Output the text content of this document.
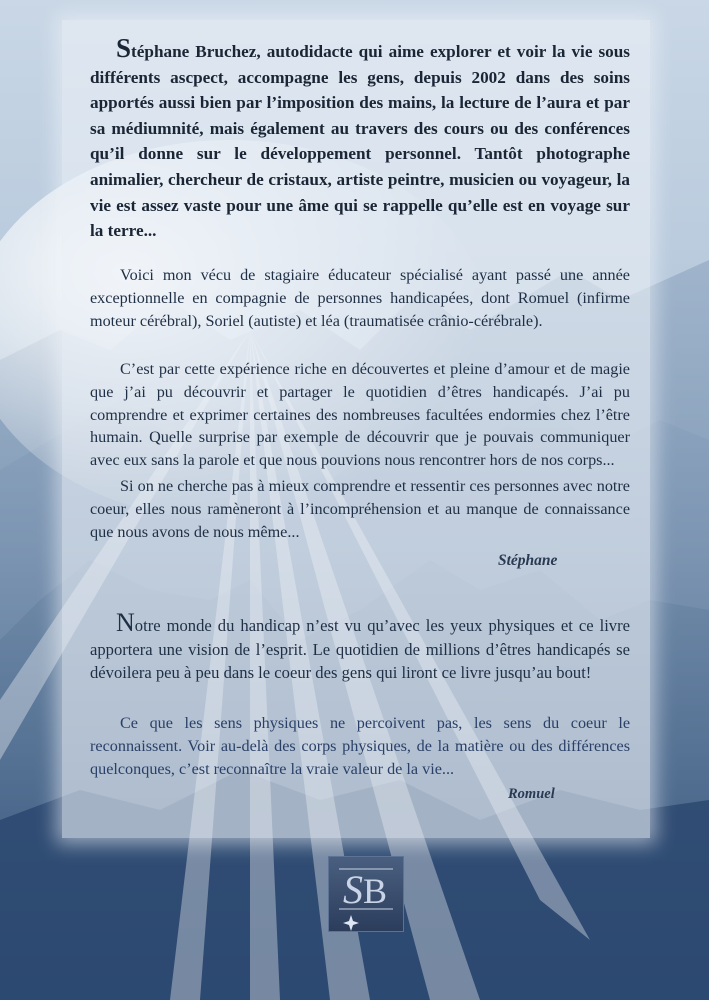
Stéphane Bruchez, autodidacte qui aime explorer et voir la vie sous différents ascpect, accompagne les gens, depuis 2002 dans des soins apportés aussi bien par l’imposition des mains, la lecture de l’aura et par sa médiumnité, mais également au travers des cours ou des conférences qu’il donne sur le développement personnel. Tantôt photographe animalier, chercheur de cristaux, artiste peintre, musicien ou voyageur, la vie est assez vaste pour une âme qui se rappelle qu’elle est en voyage sur la terre...

Voici mon vécu de stagiaire éducateur spécialisé ayant passé une année exceptionnelle en compagnie de personnes handicapées, dont Romuel (infirme moteur cérébral), Soriel (autiste) et léa (traumatisée crânio-cérébrale).

C’est par cette expérience riche en découvertes et pleine d’amour et de magie que j’ai pu découvrir et partager le quotidien d’êtres handicapés. J’ai pu comprendre et exprimer certaines des nombreuses facultées endormies chez l’être humain. Quelle surprise par exemple de découvrir que je pouvais communiquer avec eux sans la parole et que nous pouvions nous rencontrer hors de nos corps...

Si on ne cherche pas à mieux comprendre et ressentir ces personnes avec notre coeur, elles nous ramèneront à l’incompréhension et au manque de connaissance que nous avons de nous même...

Stéphane

Notre monde du handicap n’est vu qu’avec les yeux physiques et ce livre apportera une vision de l’esprit. Le quotidien de millions d’êtres handicapés se dévoilera peu à peu dans le coeur des gens qui liront ce livre jusqu’au bout!

Ce que les sens physiques ne percoivent pas, les sens du coeur le reconnaissent. Voir au-delà des corps physiques, de la matière ou des différences quelconques, c’est reconnaître la vraie valeur de la vie...

Romuel

S B
